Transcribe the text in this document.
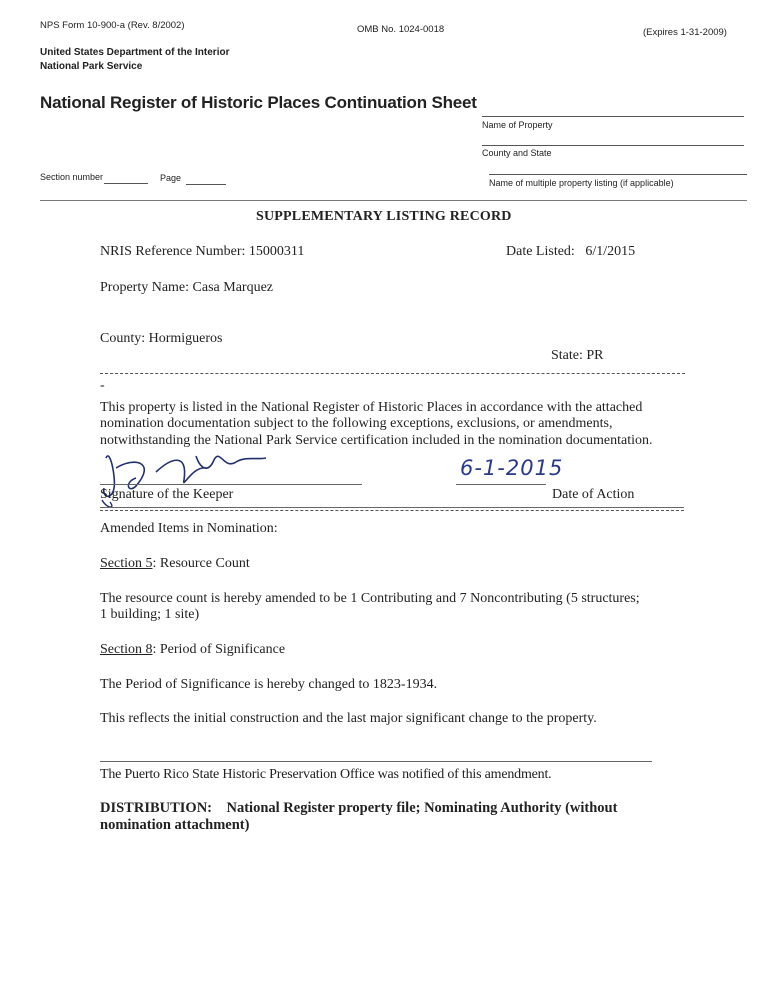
NPS Form 10-900-a (Rev. 8/2002)	OMB No. 1024-0018	(Expires 1-31-2009)
United States Department of the Interior
National Park Service
National Register of Historic Places Continuation Sheet
Name of Property
County and State
Name of multiple property listing (if applicable)
Section number	Page
SUPPLEMENTARY LISTING RECORD
NRIS Reference Number: 15000311	Date Listed: 6/1/2015
Property Name: Casa Marquez
County: Hormigueros
State: PR
-
This property is listed in the National Register of Historic Places in accordance with the attached
nomination documentation subject to the following exceptions, exclusions, or amendments,
notwithstanding the National Park Service certification included in the nomination documentation.
Signature of the Keeper
6-1-2015
Date of Action
Amended Items in Nomination:
Section 5: Resource Count
The resource count is hereby amended to be 1 Contributing and 7 Noncontributing (5 structures;
1 building; 1 site)
Section 8: Period of Significance
The Period of Significance is hereby changed to 1823-1934.
This reflects the initial construction and the last major significant change to the property.
The Puerto Rico State Historic Preservation Office was notified of this amendment.
DISTRIBUTION: National Register property file; Nominating Authority (without
nomination attachment)
